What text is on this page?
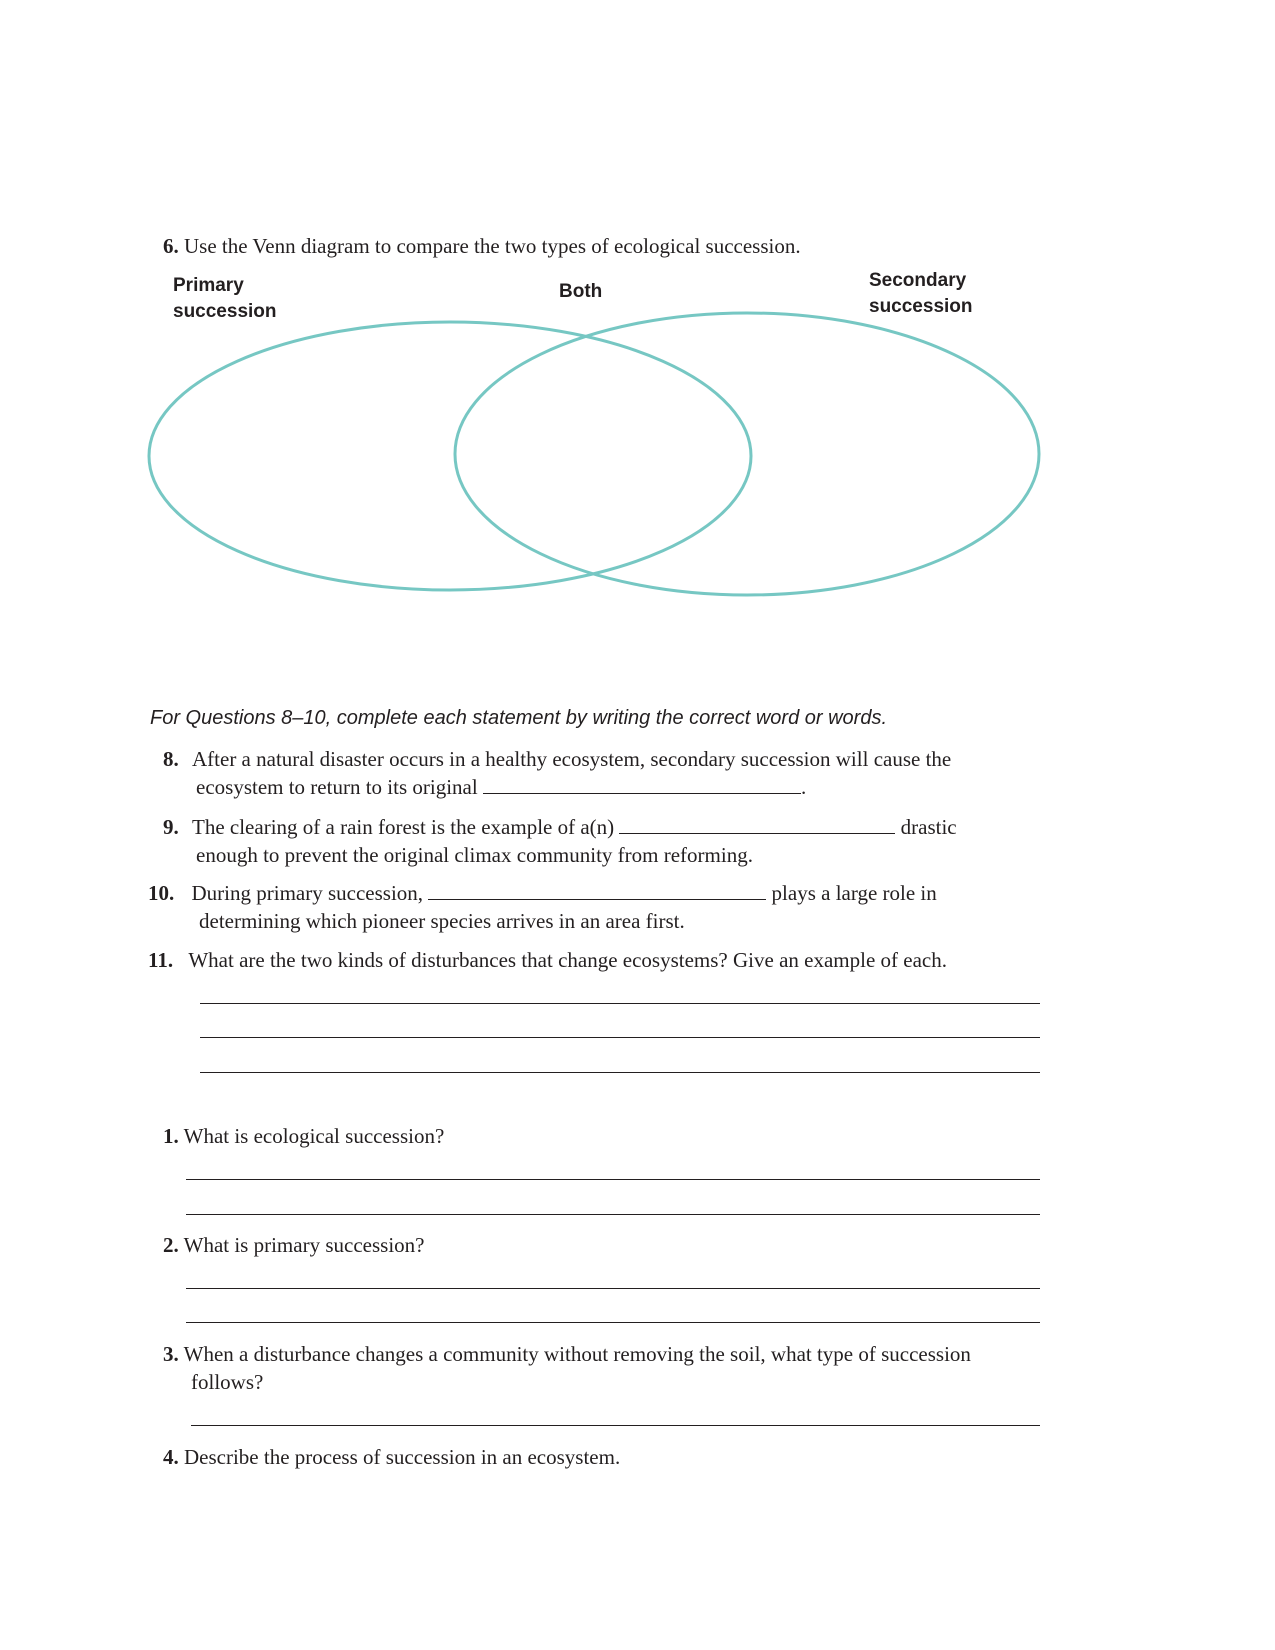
6. Use the Venn diagram to compare the two types of ecological succession.
Primary
succession
Both
Secondary
succession
For Questions 8–10, complete each statement by writing the correct word or words.
8. After a natural disaster occurs in a healthy ecosystem, secondary succession will cause the
ecosystem to return to its original	.
9. The clearing of a rain forest is the example of a(n)	drastic
enough to prevent the original climax community from reforming.
10. During primary succession,	plays a large role in
determining which pioneer species arrives in an area first.
11. What are the two kinds of disturbances that change ecosystems? Give an example of each.
1. What is ecological succession?
2. What is primary succession?
3. When a disturbance changes a community without removing the soil, what type of succession
follows?
4. Describe the process of succession in an ecosystem.
